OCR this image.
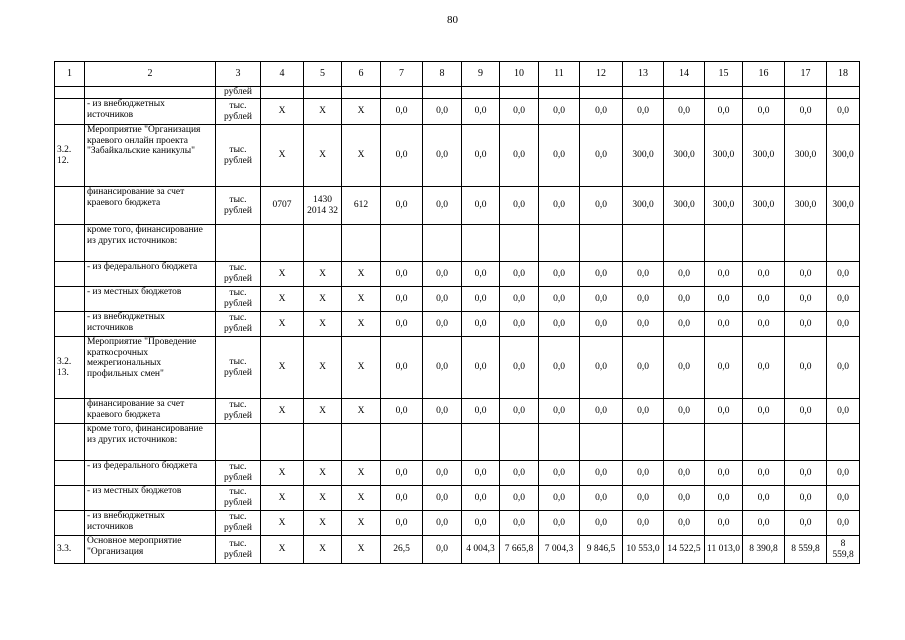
80
1	2	3	4	5	6	7	8	9	10	11	12	13	14	15	16	17	18
		рублей															
	- из внебюджетных источников	тыс. рублей	Х	Х	Х	0,0	0,0	0,0	0,0	0,0	0,0	0,0	0,0	0,0	0,0	0,0	0,0
3.2. 12.	Мероприятие "Организация краевого онлайн проекта "Забайкальские каникулы"	тыс. рублей	Х	Х	Х	0,0	0,0	0,0	0,0	0,0	0,0	300,0	300,0	300,0	300,0	300,0	300,0
	финансирование за счет краевого бюджета	тыс. рублей	0707	1430 2014 32	612	0,0	0,0	0,0	0,0	0,0	0,0	300,0	300,0	300,0	300,0	300,0	300,0
	кроме того, финансирование из других источников:																
	- из федерального бюджета	тыс. рублей	Х	Х	Х	0,0	0,0	0,0	0,0	0,0	0,0	0,0	0,0	0,0	0,0	0,0	0,0
	- из местных бюджетов	тыс. рублей	Х	Х	Х	0,0	0,0	0,0	0,0	0,0	0,0	0,0	0,0	0,0	0,0	0,0	0,0
	- из внебюджетных источников	тыс. рублей	Х	Х	Х	0,0	0,0	0,0	0,0	0,0	0,0	0,0	0,0	0,0	0,0	0,0	0,0
3.2. 13.	Мероприятие "Проведение краткосрочных межрегиональных профильных смен"	тыс. рублей	Х	Х	Х	0,0	0,0	0,0	0,0	0,0	0,0	0,0	0,0	0,0	0,0	0,0	0,0
	финансирование за счет краевого бюджета	тыс. рублей	Х	Х	Х	0,0	0,0	0,0	0,0	0,0	0,0	0,0	0,0	0,0	0,0	0,0	0,0
	кроме того, финансирование из других источников:																
	- из федерального бюджета	тыс. рублей	Х	Х	Х	0,0	0,0	0,0	0,0	0,0	0,0	0,0	0,0	0,0	0,0	0,0	0,0
	- из местных бюджетов	тыс. рублей	Х	Х	Х	0,0	0,0	0,0	0,0	0,0	0,0	0,0	0,0	0,0	0,0	0,0	0,0
	- из внебюджетных источников	тыс. рублей	Х	Х	Х	0,0	0,0	0,0	0,0	0,0	0,0	0,0	0,0	0,0	0,0	0,0	0,0
3.3.	Основное мероприятие "Организация	тыс. рублей	Х	Х	Х	26,5	0,0	4 004,3	7 665,8	7 004,3	9 846,5	10 553,0	14 522,5	11 013,0	8 390,8	8 559,8	8 559,8
